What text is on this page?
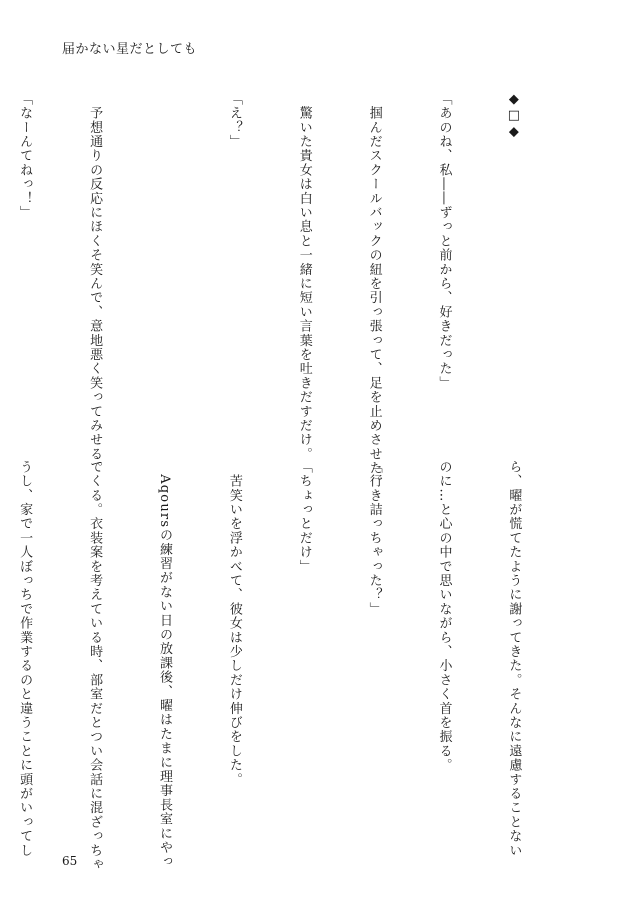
届かない星だとしても

◆□◆

「あのね、私――ずっと前から、好きだった」

　掴んだスクールバックの紐を引っ張って、足を止めさせた。

　驚いた貴女は白い息と一緒に短い言葉を吐きだすだけ。

「え？」

　予想通りの反応にほくそ笑んで、意地悪く笑ってみせる。

「なーんてねっ！」

ら、曜が慌てたように謝ってきた。そんなに遠慮することない

のに…と心の中で思いながら、小さく首を振る。

「行き詰っちゃった？」

「ちょっとだけ」

　苦笑いを浮かべて、彼女は少しだけ伸びをした。

　Aqoursの練習がない日の放課後、曜はたまに理事長室にやっ

てくる。衣装案を考えている時、部室だとつい会話に混ざっちゃ

うし、家で一人ぼっちで作業するのと違うことに頭がいってし

65
